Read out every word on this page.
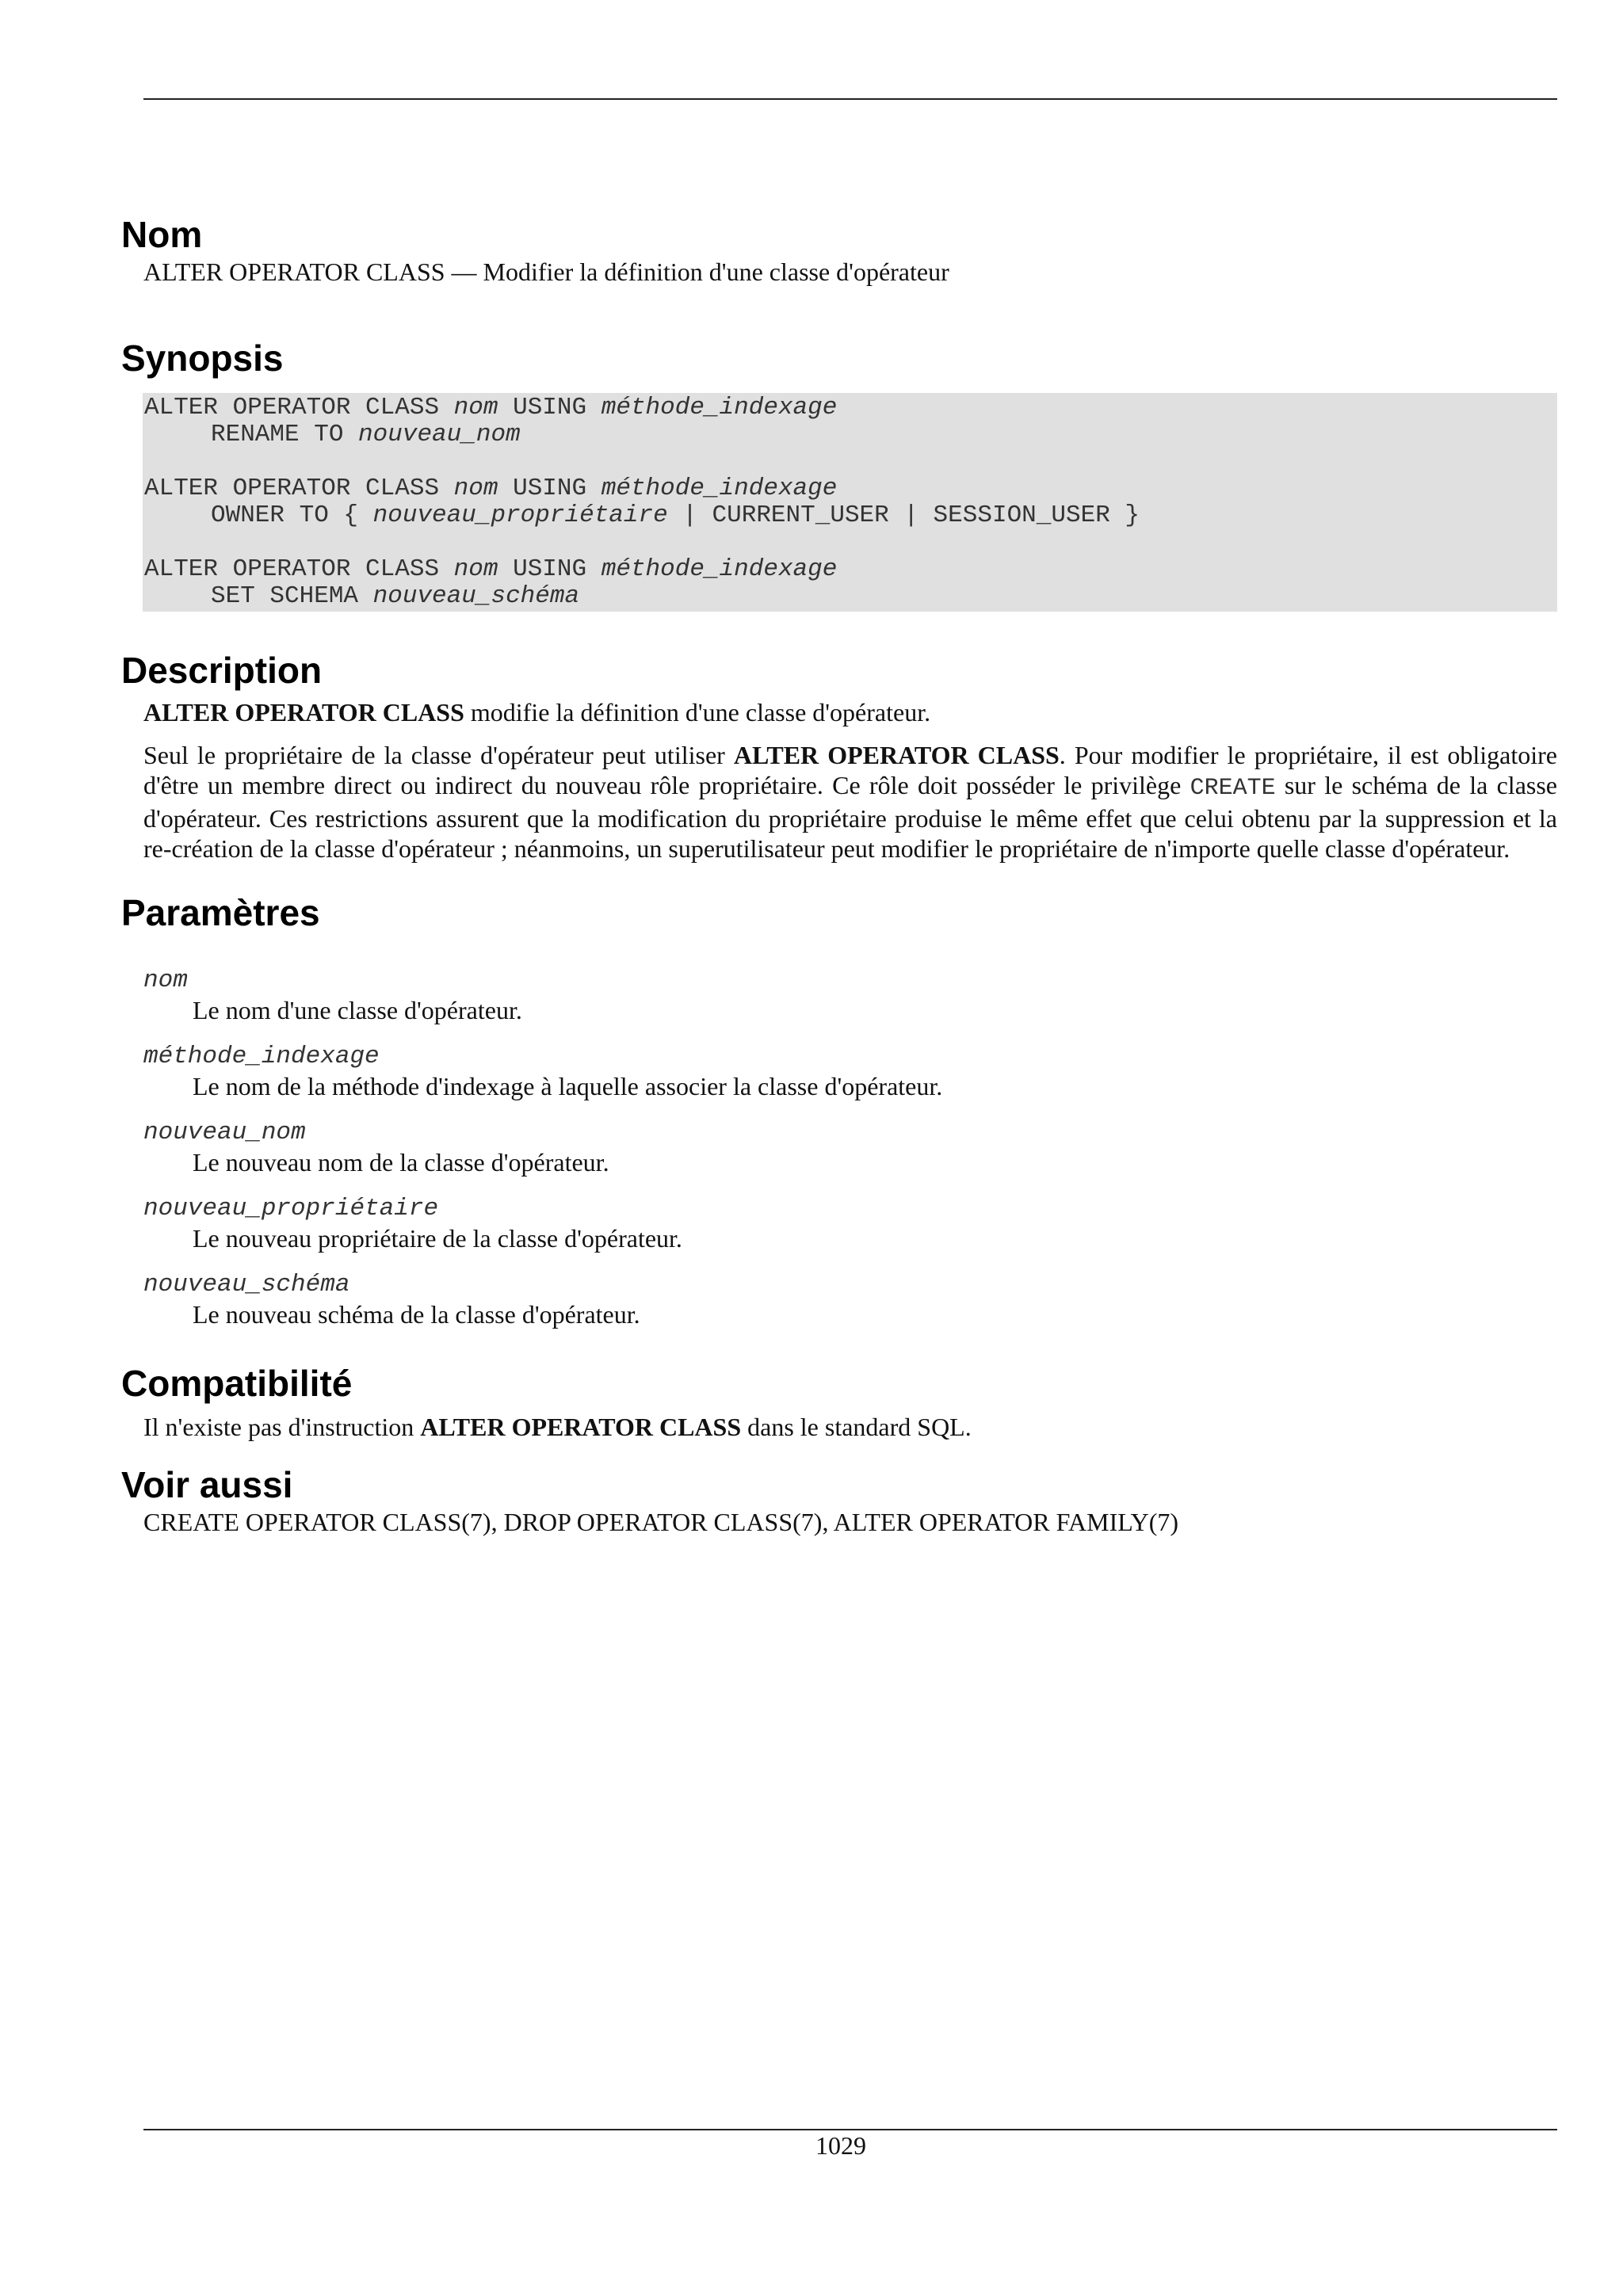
Nom

ALTER OPERATOR CLASS — Modifier la définition d'une classe d'opérateur

Synopsis
ALTER OPERATOR CLASS nom USING méthode_indexage
RENAME TO nouveau_nom
ALTER OPERATOR CLASS nom USING méthode_indexage
OWNER TO { nouveau_propriétaire | CURRENT_USER | SESSION_USER }
ALTER OPERATOR CLASS nom USING méthode_indexage
SET SCHEMA nouveau_schéma
Description

ALTER OPERATOR CLASS modifie la définition d'une classe d'opérateur.

Seul le propriétaire de la classe d'opérateur peut utiliser ALTER OPERATOR CLASS. Pour modifier le propriétaire, il est obligatoire d'être un membre direct ou indirect du nouveau rôle propriétaire. Ce rôle doit posséder le privilège CREATE sur le schéma de la classe d'opérateur. Ces restrictions assurent que la modification du propriétaire produise le même effet que celui obtenu par la suppression et la re-création de la classe d'opérateur ; néanmoins, un superutilisateur peut modifier le propriétaire de n'importe quelle classe d'opérateur.

Paramètres
nom
Le nom d'une classe d'opérateur.
méthode_indexage
Le nom de la méthode d'indexage à laquelle associer la classe d'opérateur.
nouveau_nom
Le nouveau nom de la classe d'opérateur.
nouveau_propriétaire
Le nouveau propriétaire de la classe d'opérateur.
nouveau_schéma
Le nouveau schéma de la classe d'opérateur.
Compatibilité

Il n'existe pas d'instruction ALTER OPERATOR CLASS dans le standard SQL.

Voir aussi

CREATE OPERATOR CLASS(7), DROP OPERATOR CLASS(7), ALTER OPERATOR FAMILY(7)

1029
